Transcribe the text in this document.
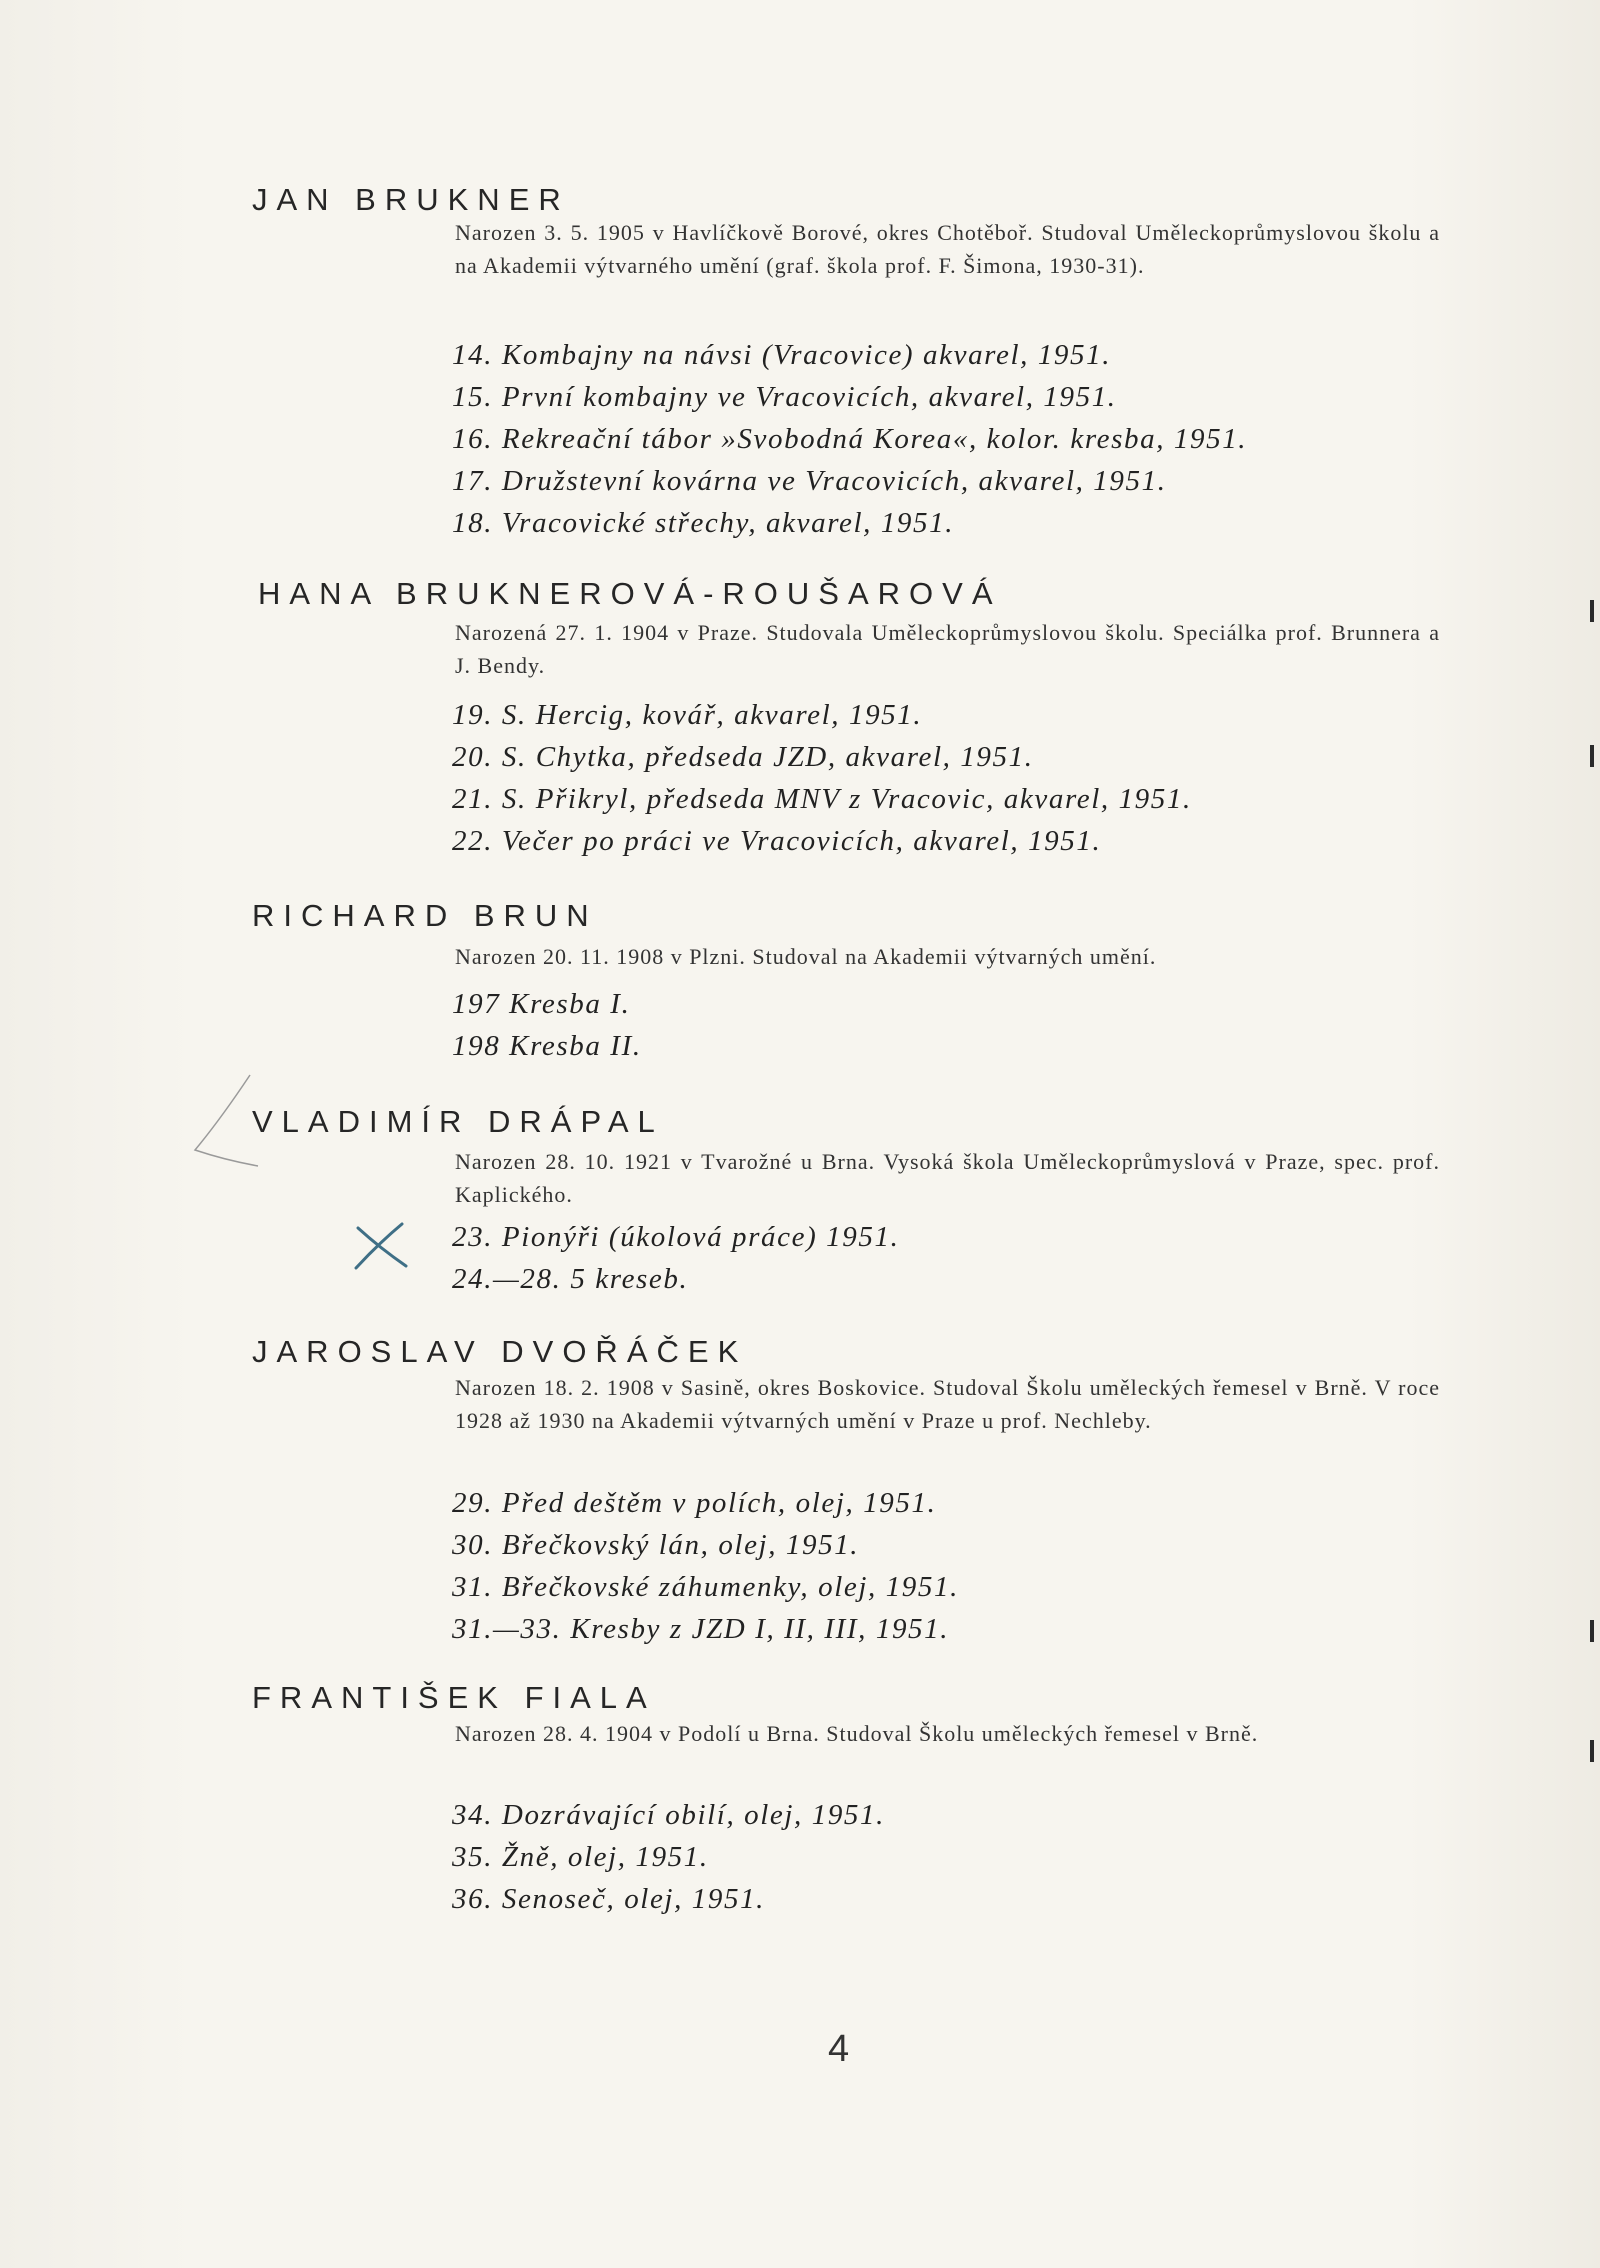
JAN BRUKNER
Narozen 3. 5. 1905 v Havlíčkově Borové, okres Chotěboř. Studoval Uměleckoprůmyslovou školu a na Akademii výtvarného umění (graf. škola prof. F. Šimona, 1930-31).
14. Kombajny na návsi (Vracovice) akvarel, 1951.
15. První kombajny ve Vracovicích, akvarel, 1951.
16. Rekreační tábor »Svobodná Korea«, kolor. kresba, 1951.
17. Družstevní kovárna ve Vracovicích, akvarel, 1951.
18. Vracovické střechy, akvarel, 1951.
HANA BRUKNEROVÁ-ROUŠAROVÁ
Narozená 27. 1. 1904 v Praze. Studovala Uměleckoprůmyslovou školu. Speciálka prof. Brunnera a J. Bendy.
19. S. Hercig, kovář, akvarel, 1951.
20. S. Chytka, předseda JZD, akvarel, 1951.
21. S. Přikryl, předseda MNV z Vracovic, akvarel, 1951.
22. Večer po práci ve Vracovicích, akvarel, 1951.
RICHARD BRUN
Narozen 20. 11. 1908 v Plzni. Studoval na Akademii výtvarných umění.
197 Kresba I.
198 Kresba II.
VLADIMÍR DRÁPAL
Narozen 28. 10. 1921 v Tvarožné u Brna. Vysoká škola Uměleckoprůmyslová v Praze, spec. prof. Kaplického.
23. Pionýři (úkolová práce) 1951.
24.—28. 5 kreseb.
JAROSLAV DVOŘÁČEK
Narozen 18. 2. 1908 v Sasině, okres Boskovice. Studoval Školu uměleckých řemesel v Brně. V roce 1928 až 1930 na Akademii výtvarných umění v Praze u prof. Nechleby.
29. Před deštěm v polích, olej, 1951.
30. Břečkovský lán, olej, 1951.
31. Břečkovské záhumenky, olej, 1951.
31.—33. Kresby z JZD I, II, III, 1951.
FRANTIŠEK FIALA
Narozen 28. 4. 1904 v Podolí u Brna. Studoval Školu uměleckých řemesel v Brně.
34. Dozrávající obilí, olej, 1951.
35. Žně, olej, 1951.
36. Senoseč, olej, 1951.
4
